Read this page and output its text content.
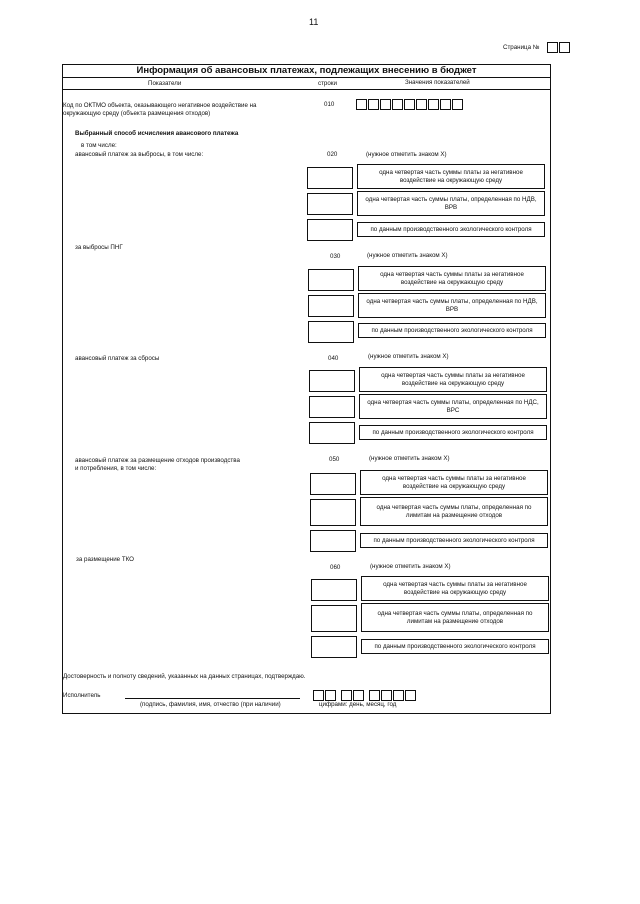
11
Страница №
Информация об авансовых платежах, подлежащих внесению в бюджет
Показатели	строки	Значения показателей
Код по ОКТМО объекта, оказывающего негативное воздействие на окружающую среду (объекта размещения отходов)
010
Выбранный способ исчисления авансового платежа
в том числе:
авансовый платеж за выбросы, в том числе:	020	(нужное отметить знаком X)
одна четвертая часть суммы платы за негативное воздействие на окружающую среду
одна четвертая часть суммы платы, определенная по НДВ, ВРВ
по данным производственного экологического контроля
за выбросы ПНГ
030	(нужное отметить знаком X)
одна четвертая часть суммы платы за негативное воздействие на окружающую среду
одна четвертая часть суммы платы, определенная по НДВ, ВРВ
по данным производственного экологического контроля
авансовый платеж за сбросы	040	(нужное отметить знаком X)
одна четвертая часть суммы платы за негативное воздействие на окружающую среду
одна четвертая часть суммы платы, определенная по НДС, ВРС
по данным производственного экологического контроля
авансовый платеж за размещение отходов производства и потребления, в том числе:
050	(нужное отметить знаком X)
одна четвертая часть суммы платы за негативное воздействие на окружающую среду
одна четвертая часть суммы платы, определенная по лимитам на размещение отходов
по данным производственного экологического контроля
за размещение ТКО
060	(нужное отметить знаком X)
одна четвертая часть суммы платы за негативное воздействие на окружающую среду
одна четвертая часть суммы платы, определенная по лимитам на размещение отходов
по данным производственного экологического контроля
Достоверность и полноту сведений, указанных на данных страницах, подтверждаю.
Исполнитель
(подпись, фамилия, имя, отчество (при наличии)	цифрами: день, месяц, год
